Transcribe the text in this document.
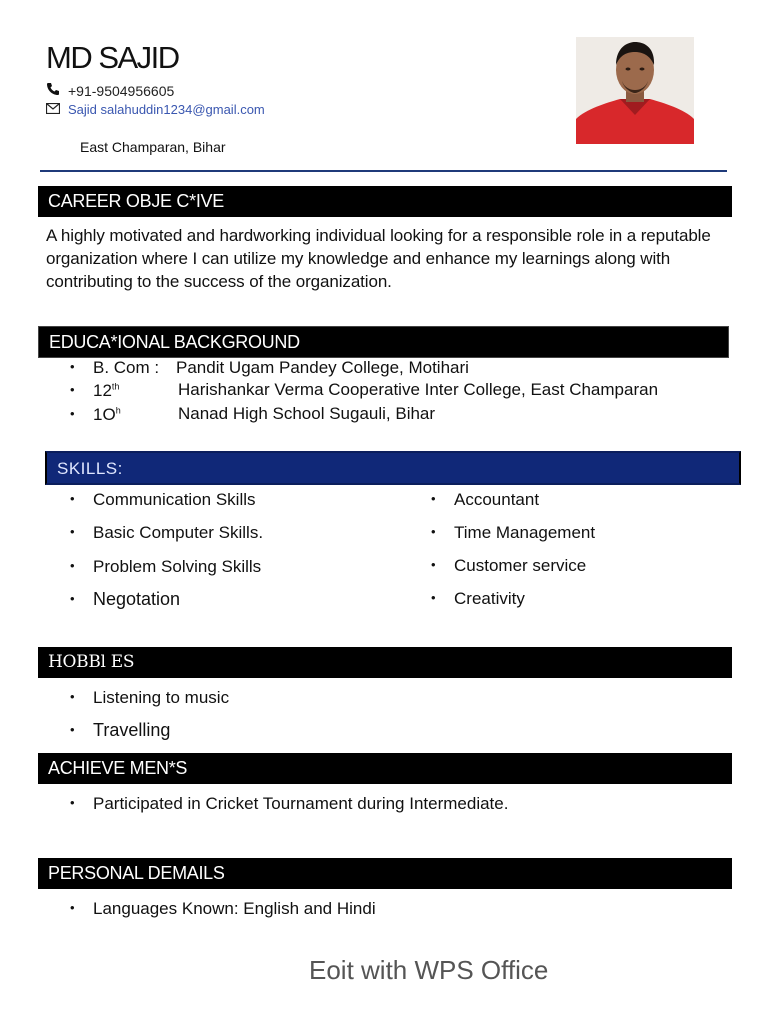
MD SAJID
+91-9504956605
Sajid salahuddin1234@gmail.com
East Champaran, Bihar
CAREER OBJE C*IVE
A highly motivated and hardworking individual looking for a responsible role in a reputable organization where I can utilize my knowledge and enhance my learnings along with contributing to the success of the organization.
EDUCA*IONAL BACKGROUND
• B. Com : Pandit Ugam Pandey College, Motihari
• 12th	Harishankar Verma Cooperative Inter College, East Champaran
• $1O^h$	Nanad High School Sugauli, Bihar
SKILLS:
• Communication Skills
• Basic Computer Skills.
• Problem Solving Skills
• Negotation
• Accountant
• Time Management
• Customer service
• Creativity
HOBBl ES
• Listening to music
• Travelling
ACHIEVE MEN*S
• Participated in Cricket Tournament during Intermediate.
PERSONAL DEMAILS
• Languages Known: English and Hindi
Eoit with WPS Office
